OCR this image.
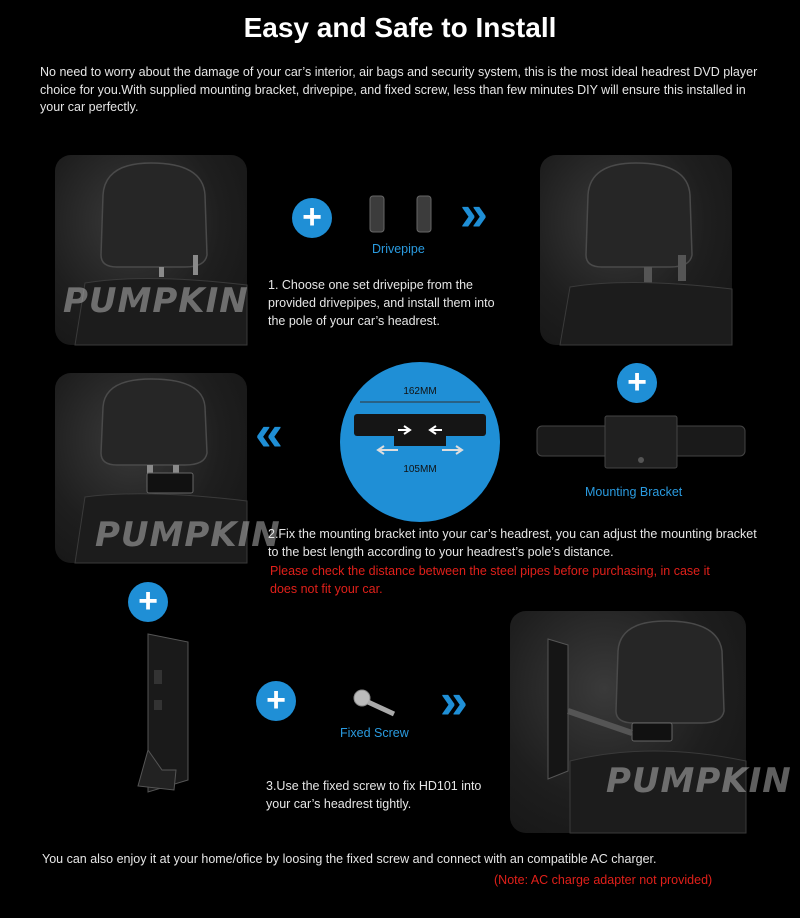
Easy and Safe to Install
No need to worry about the damage of your car’s interior, air bags and security system, this is the most ideal headrest DVD player choice for you.With supplied mounting bracket, drivepipe, and fixed screw, less than few minutes DIY will ensure this installed in your car perfectly.
PUMPKIN
+
Drivepipe
»
1. Choose one set drivepipe from the provided drivepipes, and install them into the pole of your car’s headrest.
PUMPKIN
«
162MM
105MM
+
Mounting Bracket
2.Fix the mounting bracket into your car’s headrest, you can adjust the mounting bracket to the best length according to your headrest’s pole’s distance.
Please check the distance between the steel pipes before purchasing, in case it does not fit your car.
+
+
Fixed Screw
»
3.Use the fixed screw to fix HD101 into your car’s headrest tightly.
PUMPKIN
You can also enjoy it at your home/ofice by loosing the fixed screw and connect with an compatible AC charger.
(Note: AC charge adapter not provided)
